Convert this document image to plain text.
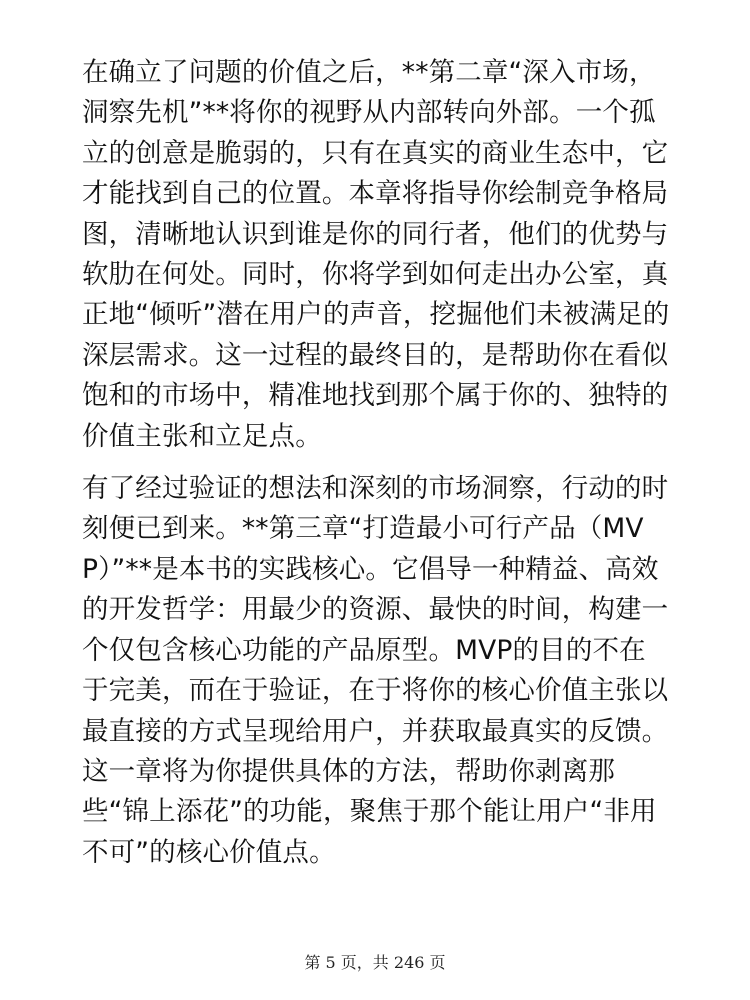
在确立了问题的价值之后，**第二章“深入市场，洞察先机”**将你的视野从内部转向外部。一个孤立的创意是脆弱的，只有在真实的商业生态中，它才能找到自己的位置。本章将指导你绘制竞争格局图，清晰地认识到谁是你的同行者，他们的优势与软肋在何处。同时，你将学到如何走出办公室，真正地“倾听”潜在用户的声音，挖掘他们未被满足的深层需求。这一过程的最终目的，是帮助你在看似饱和的市场中，精准地找到那个属于你的、独特的价值主张和立足点。

有了经过验证的想法和深刻的市场洞察，行动的时刻便已到来。**第三章“打造最小可行产品（MVP）”**是本书的实践核心。它倡导一种精益、高效的开发哲学：用最少的资源、最快的时间，构建一个仅包含核心功能的产品原型。MVP的目的不在于完美，而在于验证，在于将你的核心价值主张以最直接的方式呈现给用户，并获取最真实的反馈。这一章将为你提供具体的方法，帮助你剥离那些“锦上添花”的功能，聚焦于那个能让用户“非用不可”的核心价值点。

第 5 页，共 246 页
